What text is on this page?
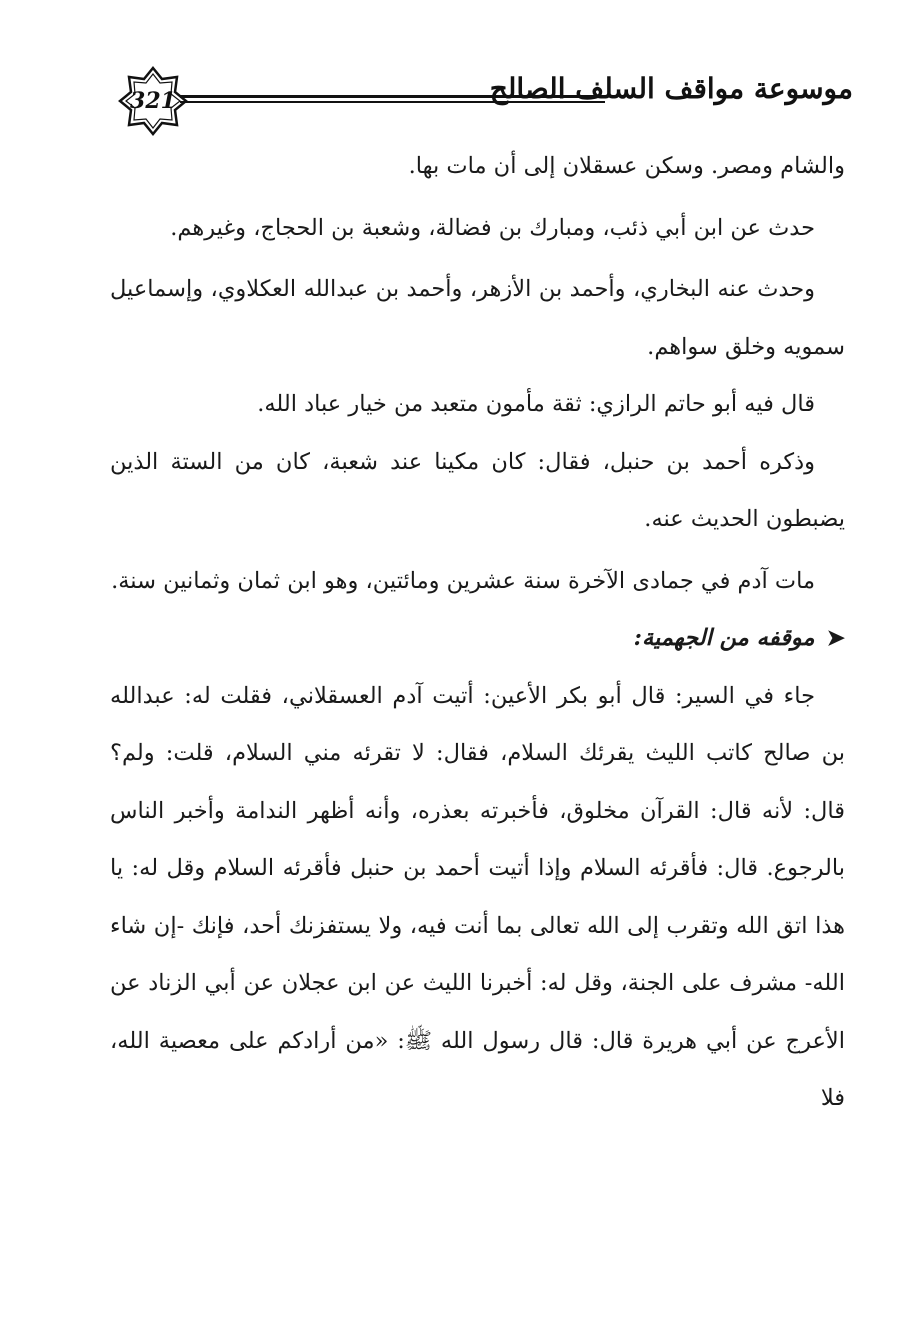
321	موسوعة مواقف السلف الصالح

والشام ومصر. وسكن عسقلان إلى أن مات بها.

حدث عن ابن أبي ذئب، ومبارك بن فضالة، وشعبة بن الحجاج، وغيرهم.

وحدث عنه البخاري، وأحمد بن الأزهر، وأحمد بن عبدالله العكلاوي، وإسماعيل سمويه وخلق سواهم.

قال فيه أبو حاتم الرازي: ثقة مأمون متعبد من خيار عباد الله.

وذكره أحمد بن حنبل، فقال: كان مكينا عند شعبة، كان من الستة الذين يضبطون الحديث عنه.

مات آدم في جمادى الآخرة سنة عشرين ومائتين، وهو ابن ثمان وثمانين سنة.

➤
موقفه من الجهمية:

جاء في السير: قال أبو بكر الأعين: أتيت آدم العسقلاني، فقلت له: عبدالله بن صالح كاتب الليث يقرئك السلام، فقال: لا تقرئه مني السلام، قلت: ولم؟ قال: لأنه قال: القرآن مخلوق، فأخبرته بعذره، وأنه أظهر الندامة وأخبر الناس بالرجوع. قال: فأقرئه السلام وإذا أتيت أحمد بن حنبل فأقرئه السلام وقل له: يا هذا اتق الله وتقرب إلى الله تعالى بما أنت فيه، ولا يستفزنك أحد، فإنك -إن شاء الله- مشرف على الجنة، وقل له: أخبرنا الليث عن ابن عجلان عن أبي الزناد عن الأعرج عن أبي هريرة قال: قال رسول الله ﷺ: «من أرادكم على معصية الله، فلا
